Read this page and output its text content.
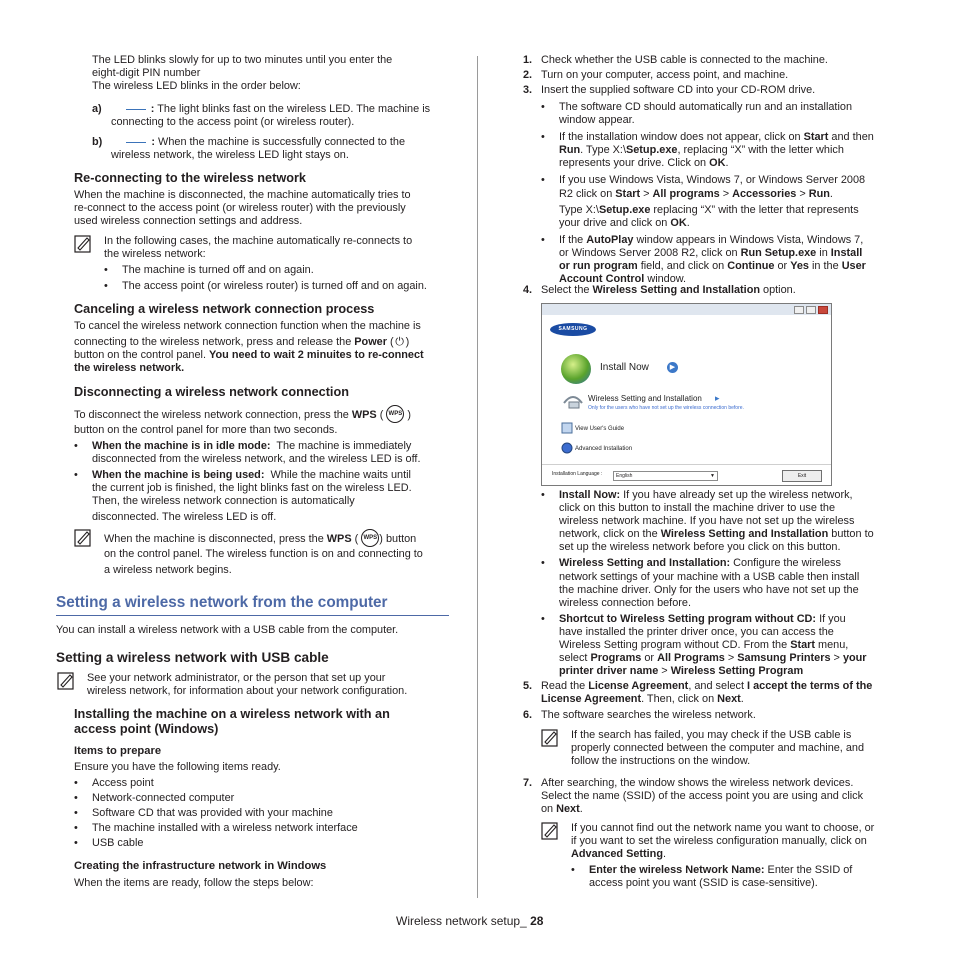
The LED blinks slowly for up to two minutes until you enter the

eight-digit PIN number

The wireless LED blinks in the order below:

a)	: The light blinks fast on the wireless LED. The machine is

connecting to the access point (or wireless router).

b)	: When the machine is successfully connected to the

wireless network, the wireless LED light stays on.

Re-connecting to the wireless network

When the machine is disconnected, the machine automatically tries to

re-connect to the access point (or wireless router) with the previously

used wireless connection settings and address.

In the following cases, the machine automatically re-connects to

the wireless network:

• The machine is turned off and on again.

• The access point (or wireless router) is turned off and on again.

Canceling a wireless network connection process

To cancel the wireless network connection function when the machine is

connecting to the wireless network, press and release the Power ( ⏻ )

button on the control panel. You need to wait 2 minuites to re-connect

the wireless network.

Disconnecting a wireless network connection

To disconnect the wireless network connection, press the WPS ( WPS )

button on the control panel for more than two seconds.

• When the machine is in idle mode: The machine is immediately

disconnected from the wireless network, and the wireless LED is off.

• When the machine is being used: While the machine waits until

the current job is finished, the light blinks fast on the wireless LED.

Then, the wireless network connection is automatically

disconnected. The wireless LED is off.

When the machine is disconnected, press the WPS ( WPS ) button

on the control panel. The wireless function is on and connecting to

a wireless network begins.

Setting a wireless network from the computer
You can install a wireless network with a USB cable from the computer.
Setting a wireless network with USB cable

See your network administrator, or the person that set up your

wireless network, for information about your network configuration.

Installing the machine on a wireless network with an

access point (Windows)

Items to prepare

Ensure you have the following items ready.

• Access point

• Network-connected computer

• Software CD that was provided with your machine

• The machine installed with a wireless network interface

• USB cable

Creating the infrastructure network in Windows
When the items are ready, follow the steps below:

1. Check whether the USB cable is connected to the machine.

2. Turn on your computer, access point, and machine.

3. Insert the supplied software CD into your CD-ROM drive.

• The software CD should automatically run and an installation

window appear.

• If the installation window does not appear, click on Start and then

Run. Type X:\Setup.exe, replacing “X” with the letter which

represents your drive. Click on OK.

• If you use Windows Vista, Windows 7, or Windows Server 2008

R2 click on Start > All programs > Accessories > Run.

Type X:\Setup.exe replacing “X” with the letter that represents

your drive and click on OK.

• If the AutoPlay window appears in Windows Vista, Windows 7,

or Windows Server 2008 R2, click on Run Setup.exe in Install

or run program field, and click on Continue or Yes in the User

Account Control window.

4. Select the Wireless Setting and Installation option.

SAMSUNG
Install Now	▶
Wireless Setting and Installation ▸
Only for the users who have not set up the wireless connection before.
View User's Guide
Advanced Installation
Installation Language :	English	▼	Exit

• Install Now: If you have already set up the wireless network,

click on this button to install the machine driver to use the

wireless network machine. If you have not set up the wireless

network, click on the Wireless Setting and Installation button to

set up the wireless network before you click on this button.

• Wireless Setting and Installation: Configure the wireless

network settings of your machine with a USB cable then install

the machine driver. Only for the users who have not set up the

wireless connection before.

• Shortcut to Wireless Setting program without CD: If you

have installed the printer driver once, you can access the

Wireless Setting program without CD. From the Start menu,

select Programs or All Programs > Samsung Printers > your

printer driver name > Wireless Setting Program

5. Read the License Agreement, and select I accept the terms of the

License Agreement. Then, click on Next.

6. The software searches the wireless network.

If the search has failed, you may check if the USB cable is

properly connected between the computer and machine, and

follow the instructions on the window.

7. After searching, the window shows the wireless network devices.

Select the name (SSID) of the access point you are using and click

on Next.

If you cannot find out the network name you want to choose, or

if you want to set the wireless configuration manually, click on

Advanced Setting.

• Enter the wireless Network Name: Enter the SSID of

access point you want (SSID is case-sensitive).

Wireless network setup_ 28
